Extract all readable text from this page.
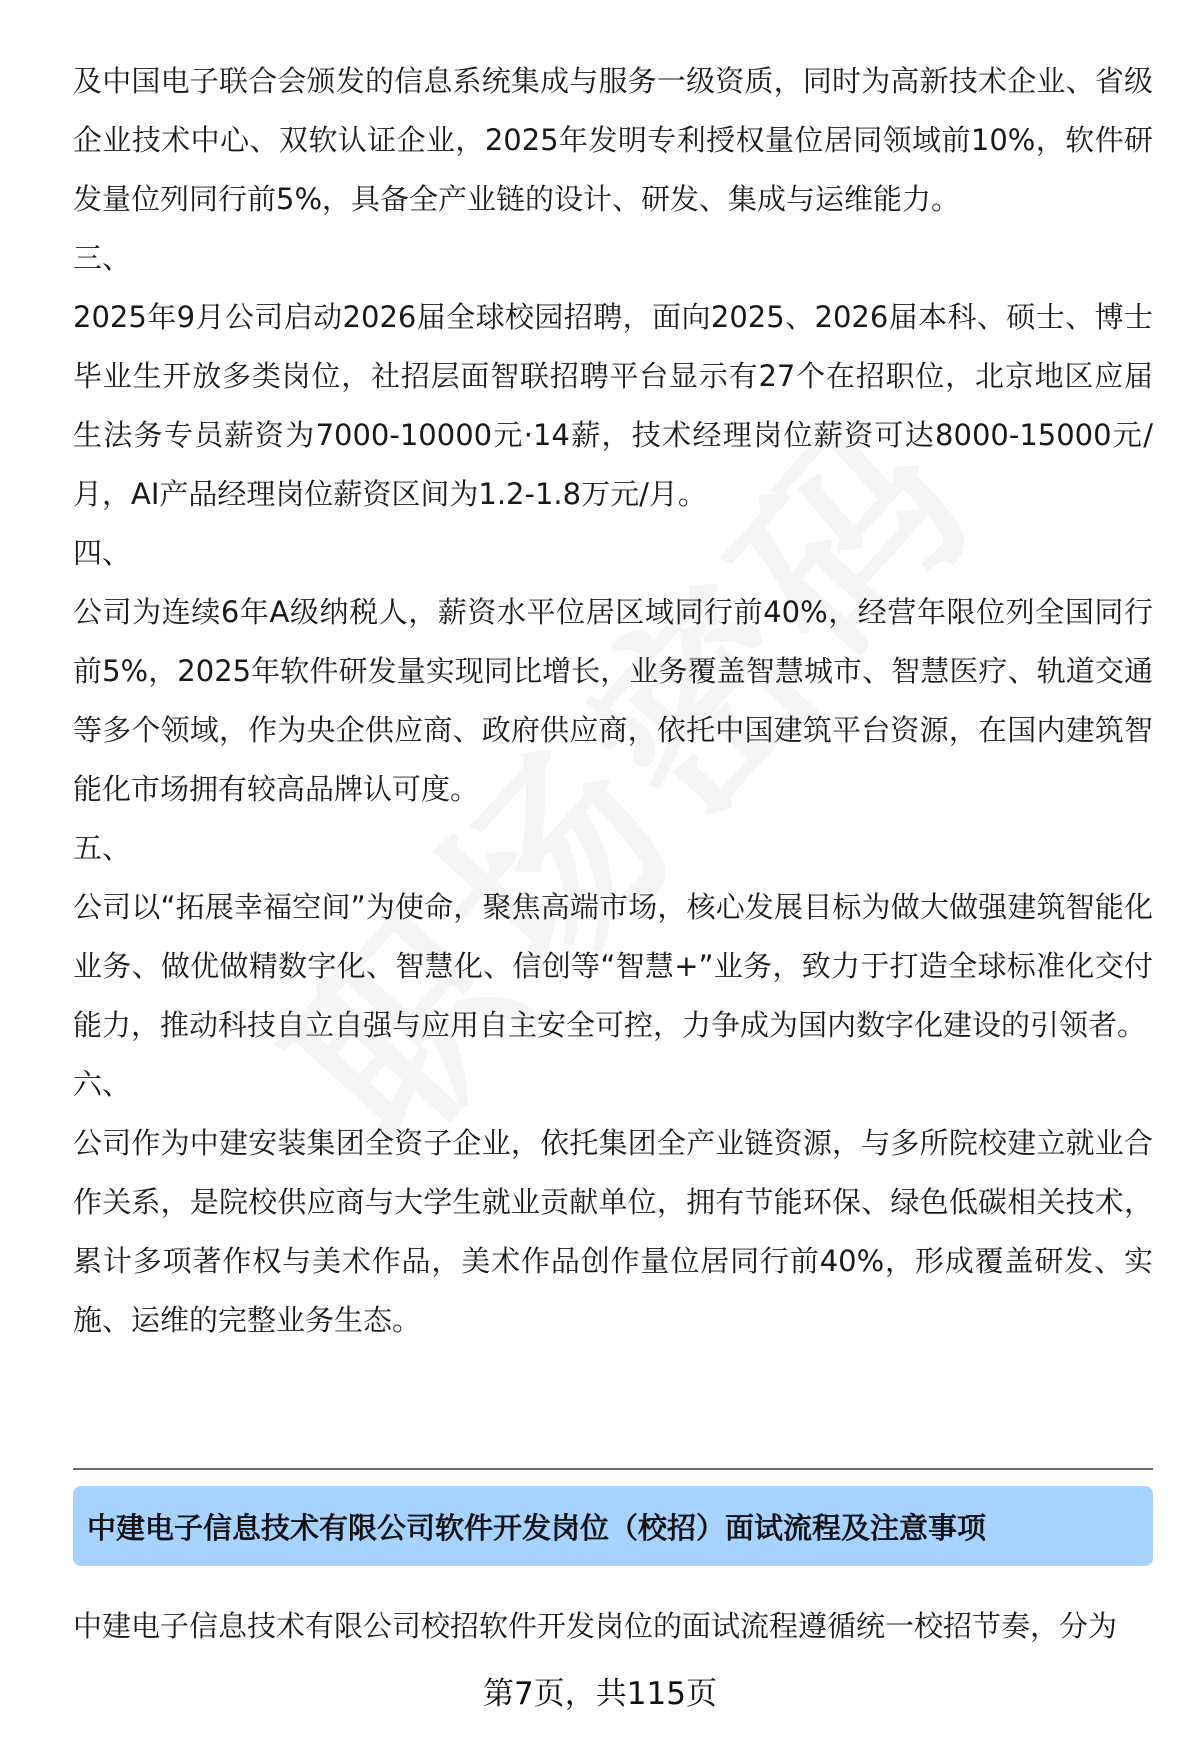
及中国电子联合会颁发的信息系统集成与服务一级资质，同时为高新技术企业、省级企业技术中心、双软认证企业，2025年发明专利授权量位居同领域前10%，软件研发量位列同行前5%，具备全产业链的设计、研发、集成与运维能力。

三、

2025年9月公司启动2026届全球校园招聘，面向2025、2026届本科、硕士、博士毕业生开放多类岗位，社招层面智联招聘平台显示有27个在招职位，北京地区应届生法务专员薪资为7000-10000元·14薪，技术经理岗位薪资可达8000-15000元/月，AI产品经理岗位薪资区间为1.2-1.8万元/月。

四、

公司为连续6年A级纳税人，薪资水平位居区域同行前40%，经营年限位列全国同行前5%，2025年软件研发量实现同比增长，业务覆盖智慧城市、智慧医疗、轨道交通等多个领域，作为央企供应商、政府供应商，依托中国建筑平台资源，在国内建筑智能化市场拥有较高品牌认可度。

五、

公司以“拓展幸福空间”为使命，聚焦高端市场，核心发展目标为做大做强建筑智能化业务、做优做精数字化、智慧化、信创等“智慧+”业务，致力于打造全球标准化交付能力，推动科技自立自强与应用自主安全可控，力争成为国内数字化建设的引领者。

六、

公司作为中建安装集团全资子企业，依托集团全产业链资源，与多所院校建立就业合作关系，是院校供应商与大学生就业贡献单位，拥有节能环保、绿色低碳相关技术，累计多项著作权与美术作品，美术作品创作量位居同行前40%，形成覆盖研发、实施、运维的完整业务生态。

中建电子信息技术有限公司软件开发岗位（校招）面试流程及注意事项

中建电子信息技术有限公司校招软件开发岗位的面试流程遵循统一校招节奏，分为

第7页，共115页
